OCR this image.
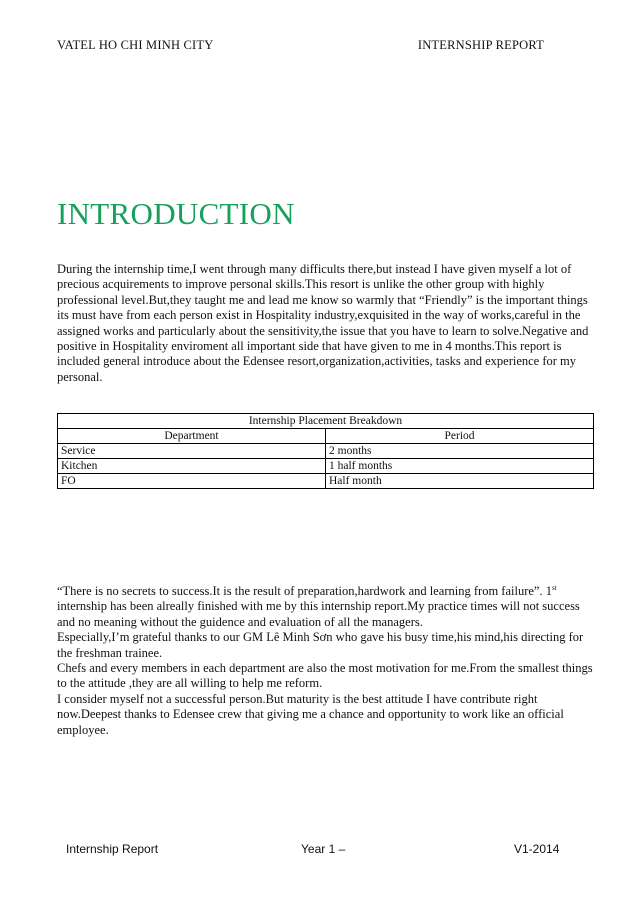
VATEL HO CHI MINH CITY	INTERNSHIP REPORT
INTRODUCTION

During the internship time,I went through many difficults there,but instead I have given myself a lot of precious acquirements to improve personal skills.This resort is unlike the other group with highly professional level.But,they taught me and lead me know so warmly that “Friendly” is the important things its must have from each person exist in Hospitality industry,exquisited in the way of works,careful in the assigned works and particularly about the sensitivity,the issue that you have to learn to solve.Negative and positive in Hospitality enviroment all important side that have given to me in 4 months.This report is included general introduce about the Edensee resort,organization,activities, tasks and experience for my personal.

Internship Placement Breakdown	
Department	Period
Service	2 months
Kitchen	1 half months
FO	Half month

“There is no secrets to success.It is the result of preparation,hardwork and learning from failure”. 1st internship has been alreally finished with me by this internship report.My practice times will not success and no meaning without the guidence and evaluation of all the managers.

Especially,I’m grateful thanks to our GM Lê Minh Sơn who gave his busy time,his mind,his directing for the freshman trainee.

Chefs and every members in each department are also the most motivation for me.From the smallest things to the attitude ,they are all willing to help me reform.

I consider myself not a successful person.But maturity is the best attitude I have contribute right now.Deepest thanks to Edensee crew that giving me a chance and opportunity to work like an official employee.

Internship Report	Year 1 –	V1-2014
